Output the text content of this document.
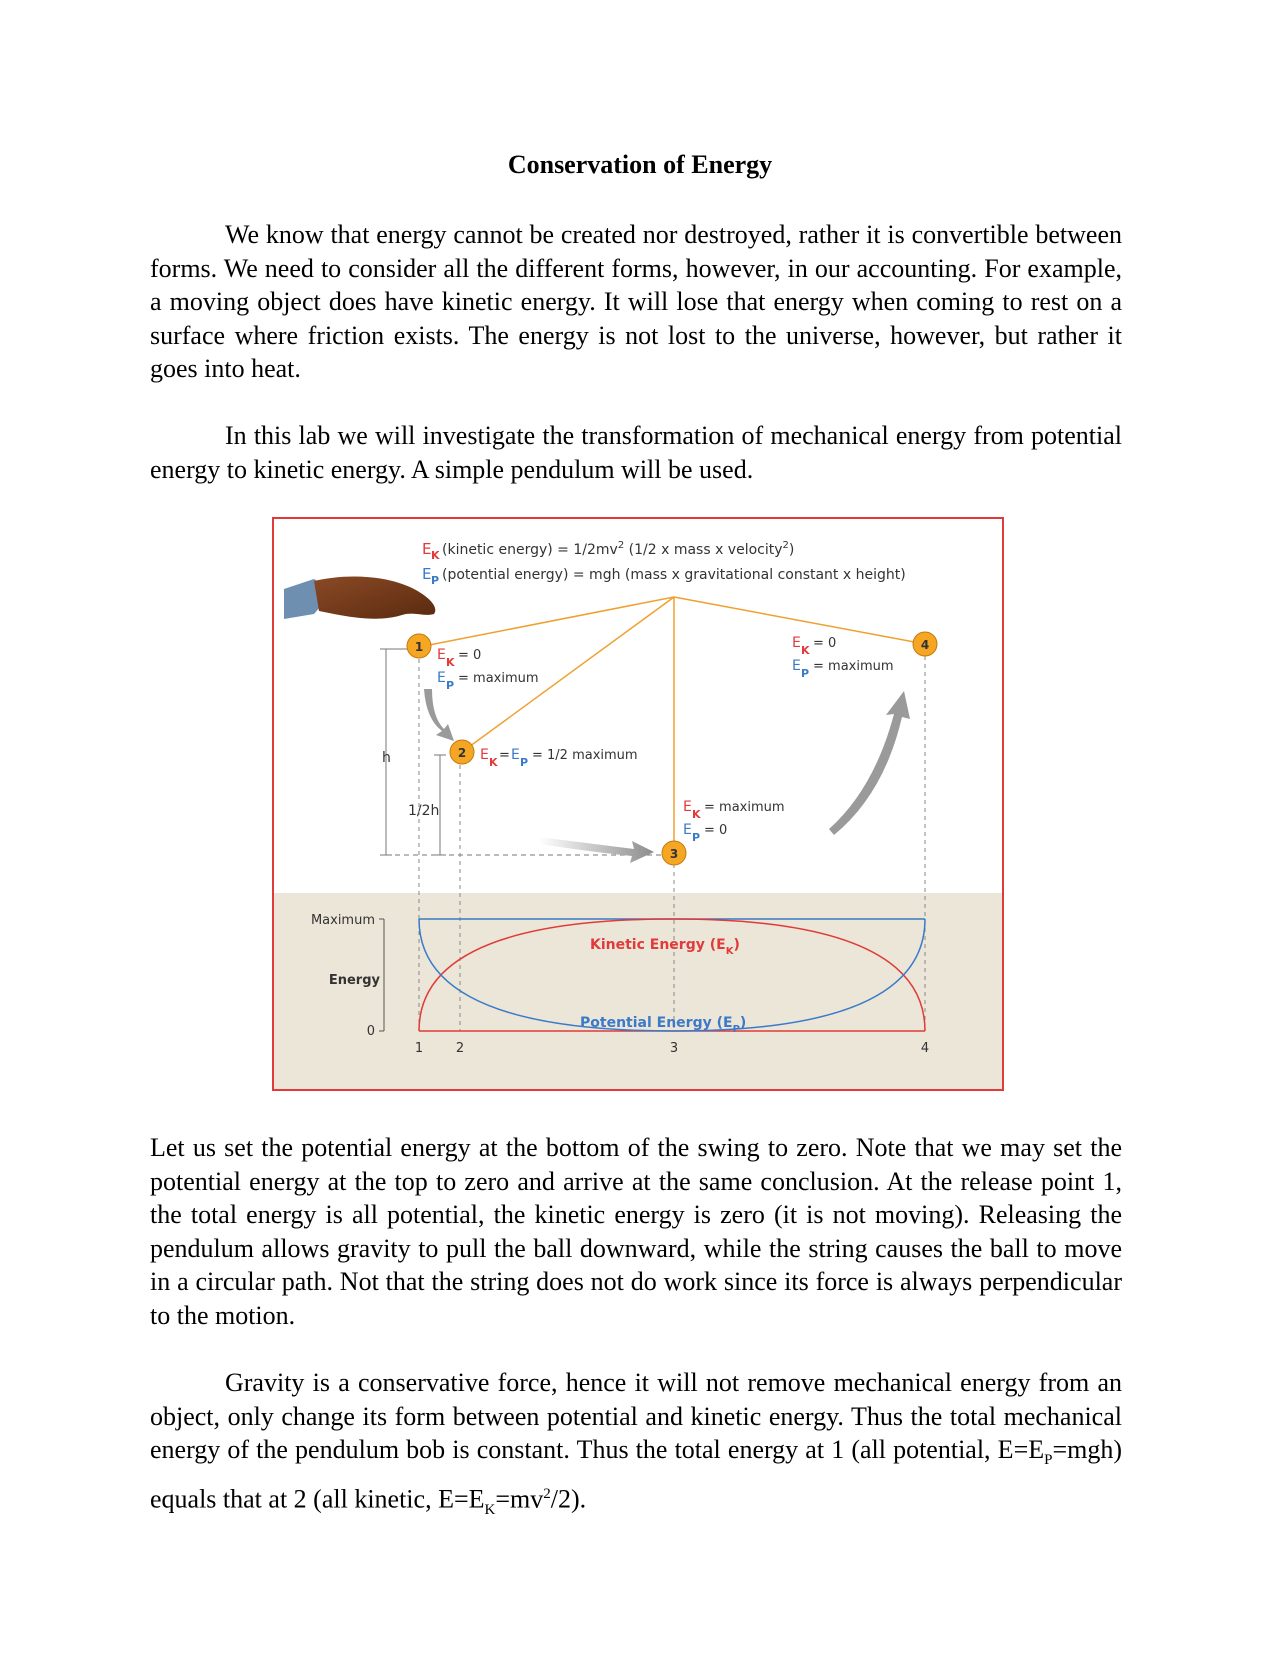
Conservation of Energy

We know that energy cannot be created nor destroyed, rather it is convertible between forms. We need to consider all the different forms, however, in our accounting. For example, a moving object does have kinetic energy. It will lose that energy when coming to rest on a surface where friction exists. The energy is not lost to the universe, however, but rather it goes into heat.

In this lab we will investigate the transformation of mechanical energy from potential energy to kinetic energy. A simple pendulum will be used.

E K (kinetic energy) = $1/2mv^2$ (1/2 x mass x velocity$^2$)
E P (potential energy) = mgh (mass x gravitational constant x height)
h
1/2h
1
2
3
4
E K = 0
E P = maximum
E K = E P = 1/2 maximum
E K = maximum
E P = 0
E K = 0
E P = maximum
Maximum
Energy
0
1	2	3	4
Kinetic Energy $(E_K)$
Potential Energy $(E_P)$

Let us set the potential energy at the bottom of the swing to zero. Note that we may set the potential energy at the top to zero and arrive at the same conclusion. At the release point 1, the total energy is all potential, the kinetic energy is zero (it is not moving). Releasing the pendulum allows gravity to pull the ball downward, while the string causes the ball to move in a circular path. Not that the string does not do work since its force is always perpendicular to the motion.

Gravity is a conservative force, hence it will not remove mechanical energy from an object, only change its form between potential and kinetic energy. Thus the total mechanical energy of the pendulum bob is constant. Thus the total energy at 1 (all potential, $E=E_P=mgh$) equals that at 2 (all kinetic, $E=E_K=mv^2/2$).
